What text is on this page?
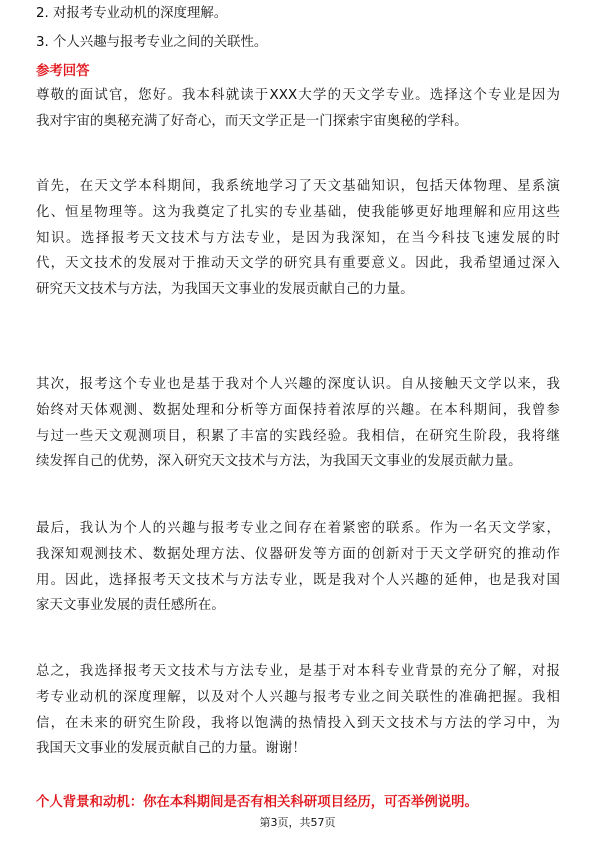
2. 对报考专业动机的深度理解。
3. 个人兴趣与报考专业之间的关联性。
参考回答
尊敬的面试官，您好。我本科就读于XXX大学的天文学专业。选择这个专业是因为
我对宇宙的奥秘充满了好奇心，而天文学正是一门探索宇宙奥秘的学科。
首先，在天文学本科期间，我系统地学习了天文基础知识，包括天体物理、星系演
化、恒星物理等。这为我奠定了扎实的专业基础，使我能够更好地理解和应用这些
知识。选择报考天文技术与方法专业，是因为我深知，在当今科技飞速发展的时
代，天文技术的发展对于推动天文学的研究具有重要意义。因此，我希望通过深入
研究天文技术与方法，为我国天文事业的发展贡献自己的力量。
其次，报考这个专业也是基于我对个人兴趣的深度认识。自从接触天文学以来，我
始终对天体观测、数据处理和分析等方面保持着浓厚的兴趣。在本科期间，我曾参
与过一些天文观测项目，积累了丰富的实践经验。我相信，在研究生阶段，我将继
续发挥自己的优势，深入研究天文技术与方法，为我国天文事业的发展贡献力量。
最后，我认为个人的兴趣与报考专业之间存在着紧密的联系。作为一名天文学家，
我深知观测技术、数据处理方法、仪器研发等方面的创新对于天文学研究的推动作
用。因此，选择报考天文技术与方法专业，既是我对个人兴趣的延伸，也是我对国
家天文事业发展的责任感所在。
总之，我选择报考天文技术与方法专业，是基于对本科专业背景的充分了解，对报
考专业动机的深度理解，以及对个人兴趣与报考专业之间关联性的准确把握。我相
信，在未来的研究生阶段，我将以饱满的热情投入到天文技术与方法的学习中，为
我国天文事业的发展贡献自己的力量。谢谢！
个人背景和动机：你在本科期间是否有相关科研项目经历，可否举例说明。
第3页，共57页
